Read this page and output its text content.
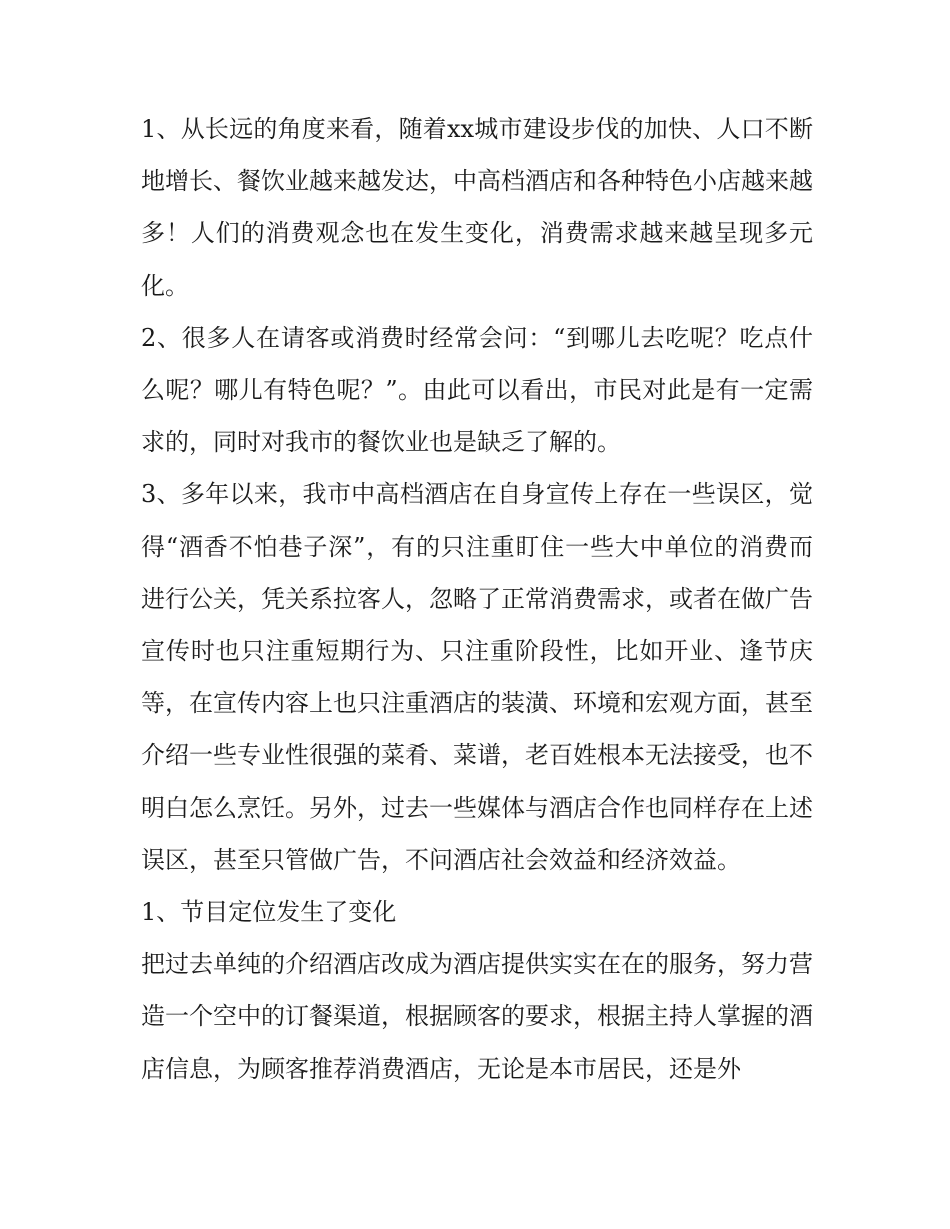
1、从长远的角度来看，随着xx城市建设步伐的加快、人口不断地增长、餐饮业越来越发达，中高档酒店和各种特色小店越来越多！人们的消费观念也在发生变化，消费需求越来越呈现多元化。

2、很多人在请客或消费时经常会问：“到哪儿去吃呢？吃点什么呢？哪儿有特色呢？”。由此可以看出，市民对此是有一定需求的，同时对我市的餐饮业也是缺乏了解的。

3、多年以来，我市中高档酒店在自身宣传上存在一些误区，觉得“酒香不怕巷子深”，有的只注重盯住一些大中单位的消费而进行公关，凭关系拉客人，忽略了正常消费需求，或者在做广告宣传时也只注重短期行为、只注重阶段性，比如开业、逢节庆等，在宣传内容上也只注重酒店的装潢、环境和宏观方面，甚至介绍一些专业性很强的菜肴、菜谱，老百姓根本无法接受，也不明白怎么烹饪。另外，过去一些媒体与酒店合作也同样存在上述误区，甚至只管做广告，不问酒店社会效益和经济效益。

1、节目定位发生了变化

把过去单纯的介绍酒店改成为酒店提供实实在在的服务，努力营造一个空中的订餐渠道，根据顾客的要求，根据主持人掌握的酒店信息，为顾客推荐消费酒店，无论是本市居民，还是外
